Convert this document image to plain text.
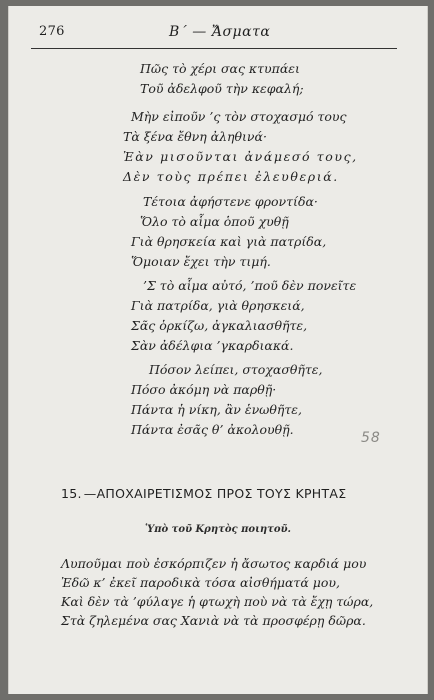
276	Β΄ — Ἄσματα
Πῶς τὸ χέρι σας κτυπάει
Τοῦ ἀδελφοῦ τὴν κεφαλή;
Μὴν εἰποῦν ’ς τὸν στοχασμό τους
Τὰ ξένα ἔθνη ἀληθινά·
Ἐὰν μισοῦνται ἀνάμεσό τους,
Δὲν τοὺς πρέπει ἐλευθεριά.
Τέτοια ἀφήστενε φροντίδα·
Ὅλο τὸ αἷμα ὁποῦ χυθῇ
Γιὰ θρησκεία καὶ γιὰ πατρίδα,
Ὅμοιαν ἔχει τὴν τιμή.
’Σ τὸ αἷμα αὐτό, ’ποῦ δὲν πονεῖτε
Γιὰ πατρίδα, γιὰ θρησκειά,
Σᾶς ὁρκίζω, ἀγκαλιασθῆτε,
Σὰν ἀδέλφια ’γκαρδιακά.
Πόσον λείπει, στοχασθῆτε,
Πόσο ἀκόμη νὰ παρθῇ·
Πάντα ἡ νίκη, ἂν ἑνωθῆτε,
Πάντα ἐσᾶς θ’ ἀκολουθῇ.
58
15. —ΑΠΟΧΑΙΡΕΤΙΣΜΟΣ ΠΡΟΣ ΤΟΥΣ ΚΡΗΤΑΣ
Ὑπὸ τοῦ Κρητὸς ποιητοῦ.
Λυποῦμαι ποὺ ἐσκόρπιζεν ἡ ἄσωτος καρδιά μου
Ἐδῶ κ’ ἐκεῖ παροδικὰ τόσα αἰσθήματά μου,
Καὶ δὲν τὰ ’φύλαγε ἡ φτωχὴ ποὺ νὰ τὰ ἔχῃ τώρα,
Στὰ ζηλεμένα σας Χανιὰ νὰ τὰ προσφέρῃ δῶρα.
